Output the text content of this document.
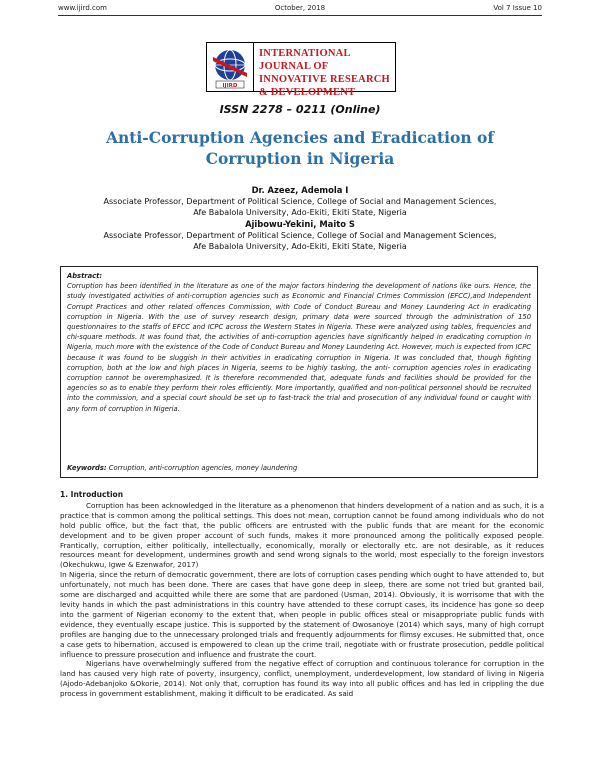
www.ijird.com	October, 2018	Vol 7 Issue 10
IJIRD
INTERNATIONAL JOURNAL OF
INNOVATIVE RESEARCH & DEVELOPMENT
ISSN 2278 – 0211 (Online)
Anti-Corruption Agencies and Eradication of
Corruption in Nigeria
Dr. Azeez, Ademola I
Associate Professor, Department of Political Science, College of Social and Management Sciences,
Afe Babalola University, Ado-Ekiti, Ekiti State, Nigeria
Ajibowu-Yekini, Maito S
Associate Professor, Department of Political Science, College of Social and Management Sciences,
Afe Babalola University, Ado-Ekiti, Ekiti State, Nigeria
Abstract:
Corruption has been identified in the literature as one of the major factors hindering the development of nations like ours. Hence, the study investigated activities of anti-corruption agencies such as Economic and Financial Crimes Commission (EFCC),and Independent Corrupt Practices and other related offences Commission, with Code of Conduct Bureau and Money Laundering Act in eradicating corruption in Nigeria. With the use of survey research design, primary data were sourced through the administration of 150 questionnaires to the staffs of EFCC and ICPC across the Western States in Nigeria. These were analyzed using tables, frequencies and chi-square methods. It was found that, the activities of anti-corruption agencies have significantly helped in eradicating corruption in Nigeria, much more with the existence of the Code of Conduct Bureau and Money Laundering Act. However, much is expected from ICPC because it was found to be sluggish in their activities in eradicating corruption in Nigeria. It was concluded that, though fighting corruption, both at the low and high places in Nigeria, seems to be highly tasking, the anti- corruption agencies roles in eradicating corruption cannot be overemphasized. It is therefore recommended that, adequate funds and facilities should be provided for the agencies so as to enable they perform their roles efficiently. More importantly, qualified and non-political personnel should be recruited into the commission, and a special court should be set up to fast-track the trial and prosecution of any individual found or caught with any form of corruption in Nigeria.
Keywords: Corruption, anti-corruption agencies, money laundering
1. Introduction

Corruption has been acknowledged in the literature as a phenomenon that hinders development of a nation and as such, it is a practice that is common among the political settings. This does not mean, corruption cannot be found among individuals who do not hold public office, but the fact that, the public officers are entrusted with the public funds that are meant for the economic development and to be given proper account of such funds, makes it more pronounced among the politically exposed people. Frantically, corruption, either politically, intellectually, economically, morally or electorally etc. are not desirable, as it reduces resources meant for development, undermines growth and send wrong signals to the world, most especially to the foreign investors (Okechukwu, Igwe & Ezenwafor, 2017)

In Nigeria, since the return of democratic government, there are lots of corruption cases pending which ought to have attended to, but unfortunately, not much has been done. There are cases that have gone deep in sleep, there are some not tried but granted bail, some are discharged and acquitted while there are some that are pardoned (Usman, 2014). Obviously, it is worrisome that with the levity hands in which the past administrations in this country have attended to these corrupt cases, its incidence has gone so deep into the garment of Nigerian economy to the extent that, when people in public offices steal or misappropriate public funds with evidence, they eventually escape justice. This is supported by the statement of Owosanoye (2014) which says, many of high corrupt profiles are hanging due to the unnecessary prolonged trials and frequently adjournments for flimsy excuses. He submitted that, once a case gets to hibernation, accused is empowered to clean up the crime trail, negotiate with or frustrate prosecution, peddle political influence to pressure prosecution and influence and frustrate the court.

Nigerians have overwhelmingly suffered from the negative effect of corruption and continuous tolerance for corruption in the land has caused very high rate of poverty, insurgency, conflict, unemployment, underdevelopment, low standard of living in Nigeria (Ajodo-Adebanjoko &Okorie, 2014). Not only that, corruption has found its way into all public offices and has led in crippling the due process in government establishment, making it difficult to be eradicated. As said
